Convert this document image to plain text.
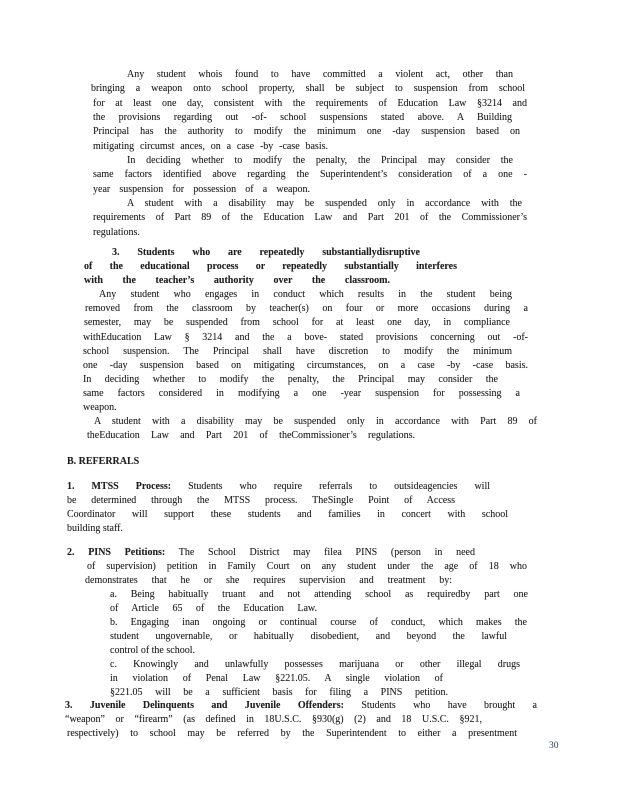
Any student whois found to have committed a violent act, other than
bringing a weapon onto school property, shall be subject to suspension from school
for at least one day, consistent with the requirements of Education Law §3214 and
the provisions regarding out -of- school suspensions stated above. A Building
Principal has the authority to modify the minimum one -day suspension based on
mitigating circumst ances, on a case -by -case basis.
In deciding whether to modify the penalty, the Principal may consider the
same factors identified above regarding the Superintendent’s consideration of a one -
year suspension for possession of a weapon.
A student with a disability may be suspended only in accordance with the
requirements of Part 89 of the Education Law and Part 201 of the Commissioner’s
regulations.
3. Students who are repeatedly substantiallydisruptive
of the educational process or repeatedly substantially interferes
with the teacher’s authority over the classroom.
Any student who engages in conduct which results in the student being
removed from the classroom by teacher(s) on four or more occasions during a
semester, may be suspended from school for at least one day, in compliance
withEducation Law § 3214 and the a bove- stated provisions concerning out -of-
school suspension. The Principal shall have discretion to modify the minimum
one -day suspension based on mitigating circumstances, on a case -by -case basis.
In deciding whether to modify the penalty, the Principal may consider the
same factors considered in modifying a one -year suspension for possessing a
weapon.
A student with a disability may be suspended only in accordance with Part 89 of
theEducation Law and Part 201 of theCommissioner’s regulations.
B. REFERRALS
1. MTSS Process: Students who require referrals to outsideagencies will
be determined through the MTSS process. TheSingle Point of Access
Coordinator will support these students and families in concert with school
building staff.
2. PINS Petitions: The School District may filea PINS (person in need
of supervision) petition in Family Court on any student under the age of 18 who
demonstrates that he or she requires supervision and treatment by:
a. Being habitually truant and not attending school as requiredby part one
of Article 65 of the Education Law.
b. Engaging inan ongoing or continual course of conduct, which makes the
student ungovernable, or habitually disobedient, and beyond the lawful
control of the school.
c. Knowingly and unlawfully possesses marijuana or other illegal drugs
in violation of Penal Law §221.05. A single violation of
§221.05 will be a sufficient basis for filing a PINS petition.
3. Juvenile Delinquents and Juvenile Offenders: Students who have brought a
“weapon” or “firearm” (as defined in 18U.S.C. §930(g) (2) and 18 U.S.C. §921,
respectively) to school may be referred by the Superintendent to either a presentment
30
